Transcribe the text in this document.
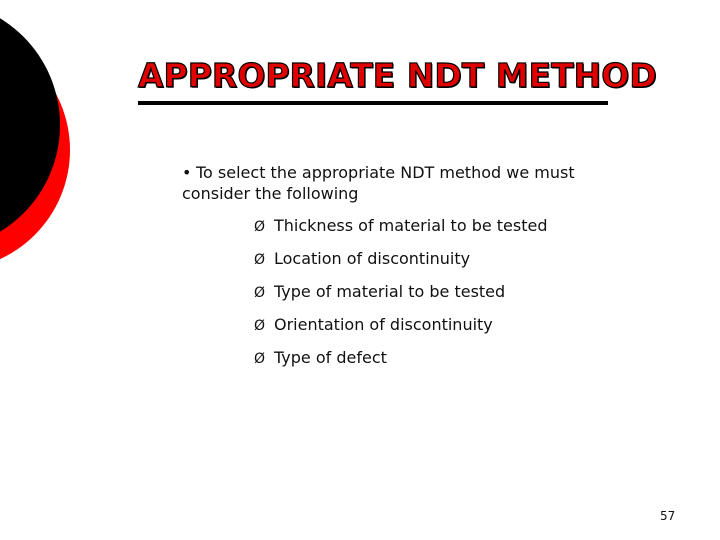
APPROPRIATE NDT METHOD

• To select the appropriate NDT method we must consider the following

Ø Thickness of material to be tested
Ø Location of discontinuity
Ø Type of material to be tested
Ø Orientation of discontinuity
Ø Type of defect
57
